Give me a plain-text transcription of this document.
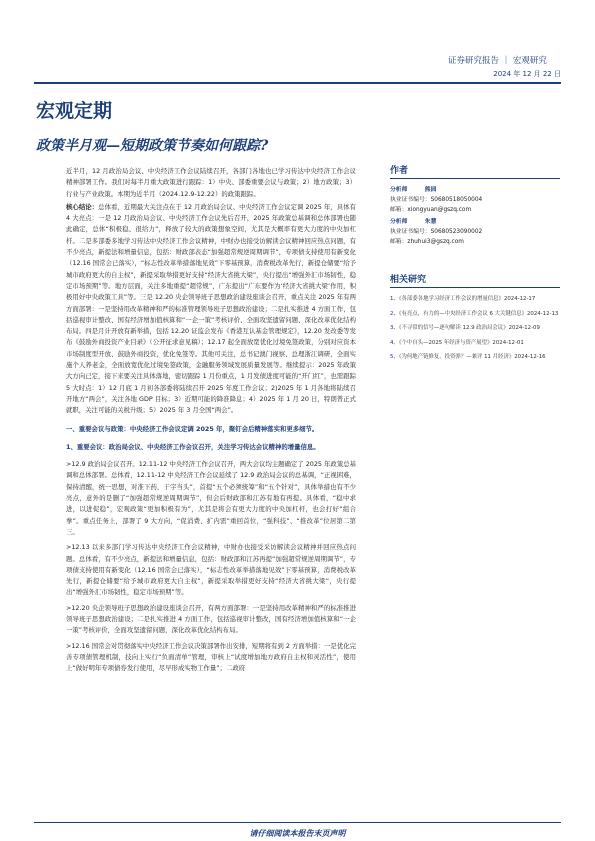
证券研究报告 ｜ 宏观研究
2024 年 12 月 22 日
宏观定期
政策半月观—短期政策节奏如何跟踪?

近半月，12 月政治局会议、中央经济工作会议陆续召开，各部门各地也已学习传达中央经济工作会议精神部署工作。我们对每半月重大政策进行跟踪：1）中央、部委重要会议与政策；2）地方政策；3）行业与产业政策。本期为近半月（2024.12.9-12.22）的政策跟踪。

核心结论：总体看，近期最大关注点在于 12 月政治局会议、中央经济工作会议定调 2025 年，具体有 4 大亮点：一是 12 月政治局会议、中央经济工作会议先后召开，2025 年政策总基调和总体部署也随此确定，总体“积极稳、很给力”，释放了较大的政策想象空间，尤其是大概率有更大力度的中央加杠杆。二是多部委多地学习传达中央经济工作会议精神，中财办也接受访解读会议精神回应热点问题，有不少亮点，新提法和增量信息，包括：财政部表态“加强超常规逆周期调节”，专项债支持使用有新变化（12.16 国常会已落实），“标志性改革举措落地见效”下零基预算，消费税改革先行，新提仓储要“给予城市政府更大的自主权”，新提采取举措更好支持“经济大省挑大梁”，央行提出“增强外汇市场韧性，稳定市场预期”等。地方层面，关注多地重提“超常规”，广东提出“广东要作为‘经济大省挑大梁’作用，积极用好中央政策工具”等。三是 12.20 央企领导班子思想政治建设座谈会召开，重点关注 2025 年有两方面部署：一是坚持用改革精神和严的标准管理领导班子思想政治建设；二是扎实推进 4 方面工作，包括巡视审计整改、国有经济增加值核算和“一企一策”考核评价、全面攻坚遗留问题、深化改革优化结构布局。四是月计开放有新举措，包括 12.20 证监会发布《香港互认基金管理规定》，12.20 发改委等发布《鼓励外商投资产业目录》（公开征求意见稿）；12.17 起全面放宽优化过境免签政策，分别对应资本市场制度型开放、鼓励外商投资，优化免签等。其他可关注，总书记澳门视察、总理浙江调研，全面实施个人养老金，全面放宽优化过境免签政策，金融服务领域发展质量发展等。继续提示：2025 年政策大方向已定，接下来要关注具体落地，密切跟踪 1 月份重点，1 月发债进度可能的“开门红”，也需跟踪 5 大时点：1）12 月底 1 月初各部委将陆续召开 2025 年度工作会议；2)2025 年 1 月各地将陆续召开地方“两会”，关注各地 GDP 目标；3）近期可能的降准降息；4）2025 年 1 月 20 日，特朗普正式就职，关注可能的关税升级；5）2025 年 3 月全国“两会”。

一、重要会议与政策：中央经济工作会议定调 2025 年，聚钉会后精神落实和更多细节。

1、重要会议：政治局会议、中央经济工作会议召开，关注学习传达会议精神的增量信息。

>12.9 政治局会议召开。12.11-12 中央经济工作会议召开，两大会议均主题确定了 2025 年政策总基调和总体部署。总体看，12.11-12 中央经济工作会议延续了 12.9 政治局会议的总基调，“正视困难，保持清醒，统一思想，对准下药，干字当头”，首提“五个必须统筹”和“五个针对”，具体举措也有不少亮点，意外的是删了“加强超常规逆周期调节”，但会后财政部和江苏有地有再提。具体看，“稳中求进，以进促稳”，宏观政策“更加积极有为”，尤其是将会有更大力度的中央加杠杆，也会打好“组合拳”。重点任务上，部署了 9 大方向，“促消费、扩内需”重回首位，“强科技”、“推改革”位居第二第三。

>12.13 以来多部门学习传达中央经济工作会议精神，中财办也接受采访解读会议精神并回应热点问题。总体看，有不少亮点，新提法和增量信息，包括：财政部和江苏再提“加强超常规逆周期调节”，专项债支持使用有新变化（12.16 国常会已落实），“标志性改革举措落地见效”下零基预算，消费税改革先行，新提仓储要“给予城市政府更大自主权”，新提采取举措更好支持“经济大省挑大梁”，央行提出“增强外汇市场韧性，稳定市场预期”等。

>12.20 央企领导班子思想政治建设座谈会召开，有两方面部署：一是坚持用改革精神和严的标准推进领导班子思想政治建设；二是扎实推进 4 方面工作，包括巡视审计整改，国有经济增加值核算和“一企一策”考核评价，全面攻坚遗留问题，深化改革优化结构布局。

>12.16 国常会对贯彻落实中央经济工作会议决策部署作出安排，短期将有到 2 方面举措：一是优化完善专项债管理机制，技向上实行“负面清单”管理，审核上“试度增加地方政府自主权和灵活性”，使用上“做好明年专项债券发行使用，尽早形成实物工作量”；二政府

作者
分析师   	熊园
执业证书编号：S0680518050004
邮箱：xiongyuan@gszq.com
分析师   	朱慧
执业证书编号：S0680523090002
邮箱：zhuhui3@gszq.com
相关研究
1、《各部委各地学习经济工作会议的增量信息》2024-12-17
2、《有亮点，有力的—中央经济工作会议 6 大关键信息》2024-12-13
3、《不寻常的信号—逐句解读 12.9 政治局会议》2024-12-09
4、《个中自头—2025 年经济与资产展望》2024-12-01
5、《为何地产链修复，投资弹？—兼评 11 月经济》2024-12-16
请仔细阅读本报告末页声明
